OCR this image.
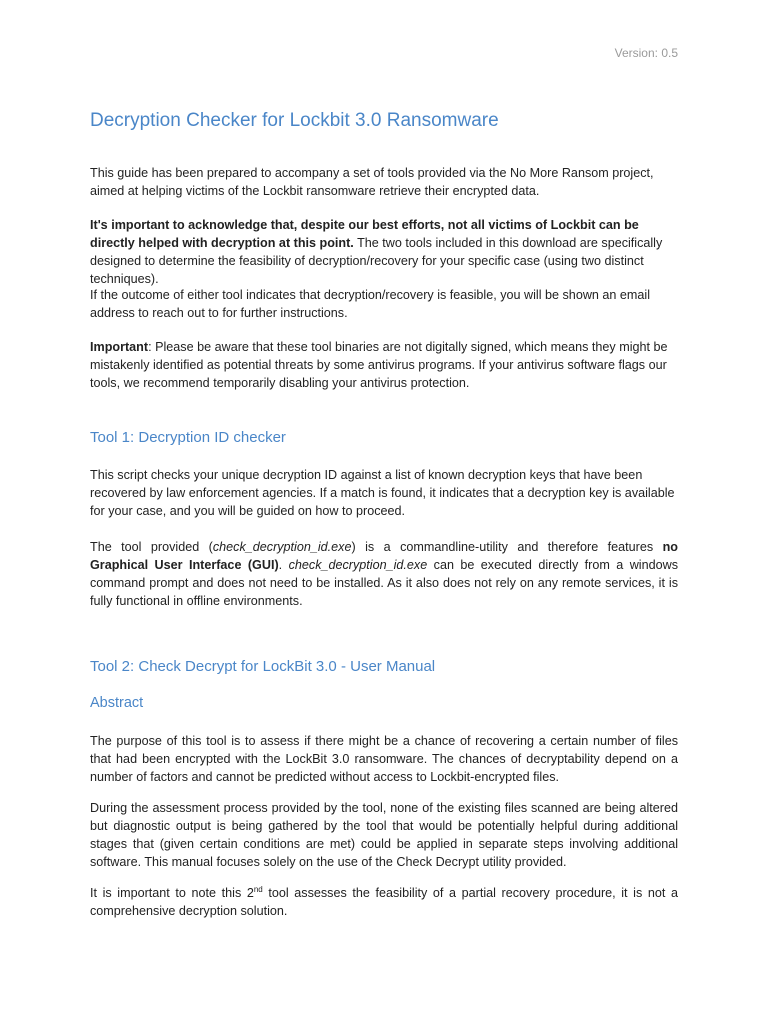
Version: 0.5
Decryption Checker for Lockbit 3.0 Ransomware

This guide has been prepared to accompany a set of tools provided via the No More Ransom project, aimed at helping victims of the Lockbit ransomware retrieve their encrypted data.

It's important to acknowledge that, despite our best efforts, not all victims of Lockbit can be directly helped with decryption at this point. The two tools included in this download are specifically designed to determine the feasibility of decryption/recovery for your specific case (using two distinct techniques).

If the outcome of either tool indicates that decryption/recovery is feasible, you will be shown an email address to reach out to for further instructions.

Important: Please be aware that these tool binaries are not digitally signed, which means they might be mistakenly identified as potential threats by some antivirus programs. If your antivirus software flags our tools, we recommend temporarily disabling your antivirus protection.

Tool 1: Decryption ID checker

This script checks your unique decryption ID against a list of known decryption keys that have been recovered by law enforcement agencies. If a match is found, it indicates that a decryption key is available for your case, and you will be guided on how to proceed.

The tool provided (check_decryption_id.exe) is a commandline-utility and therefore features no Graphical User Interface (GUI). check_decryption_id.exe can be executed directly from a windows command prompt and does not need to be installed. As it also does not rely on any remote services, it is fully functional in offline environments.

Tool 2: Check Decrypt for LockBit 3.0 - User Manual
Abstract

The purpose of this tool is to assess if there might be a chance of recovering a certain number of files that had been encrypted with the LockBit 3.0 ransomware. The chances of decryptability depend on a number of factors and cannot be predicted without access to Lockbit-encrypted files.

During the assessment process provided by the tool, none of the existing files scanned are being altered but diagnostic output is being gathered by the tool that would be potentially helpful during additional stages that (given certain conditions are met) could be applied in separate steps involving additional software. This manual focuses solely on the use of the Check Decrypt utility provided.

It is important to note this 2nd tool assesses the feasibility of a partial recovery procedure, it is not a comprehensive decryption solution.
